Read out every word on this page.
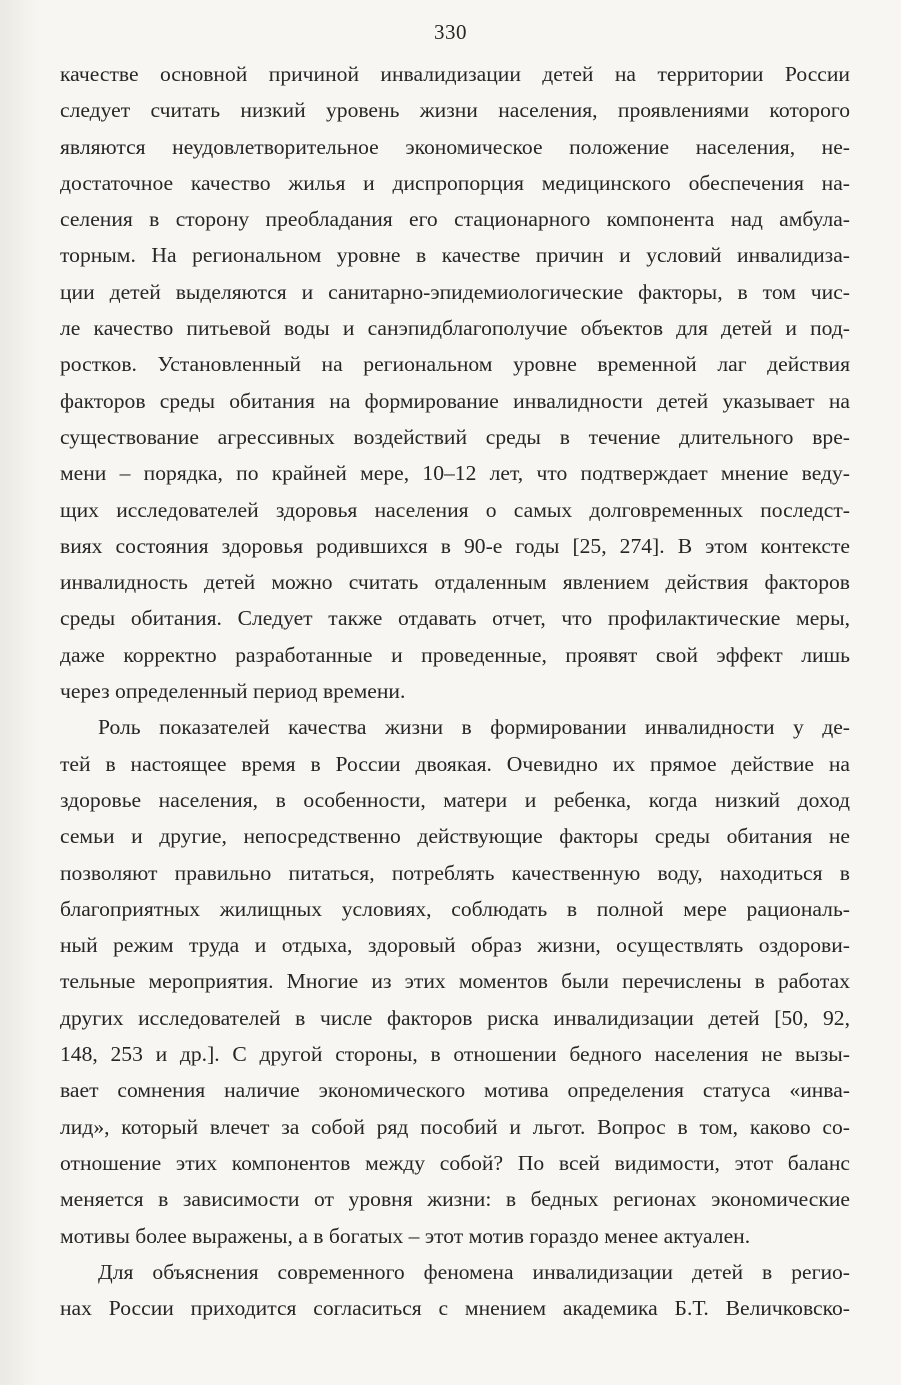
330

качестве основной причиной инвалидизации детей на территории России
следует считать низкий уровень жизни населения, проявлениями которого
являются неудовлетворительное экономическое положение населения, не-
достаточное качество жилья и диспропорция медицинского обеспечения на-
селения в сторону преобладания его стационарного компонента над амбула-
торным. На региональном уровне в качестве причин и условий инвалидиза-
ции детей выделяются и санитарно-эпидемиологические факторы, в том чис-
ле качество питьевой воды и санэпидблагополучие объектов для детей и под-
ростков. Установленный на региональном уровне временной лаг действия
факторов среды обитания на формирование инвалидности детей указывает на
существование агрессивных воздействий среды в течение длительного вре-
мени – порядка, по крайней мере, 10–12 лет, что подтверждает мнение веду-
щих исследователей здоровья населения о самых долговременных последст-
виях состояния здоровья родившихся в 90-е годы [25, 274]. В этом контексте
инвалидность детей можно считать отдаленным явлением действия факторов
среды обитания. Следует также отдавать отчет, что профилактические меры,
даже корректно разработанные и проведенные, проявят свой эффект лишь
через определенный период времени.

Роль показателей качества жизни в формировании инвалидности у де-
тей в настоящее время в России двоякая. Очевидно их прямое действие на
здоровье населения, в особенности, матери и ребенка, когда низкий доход
семьи и другие, непосредственно действующие факторы среды обитания не
позволяют правильно питаться, потреблять качественную воду, находиться в
благоприятных жилищных условиях, соблюдать в полной мере рациональ-
ный режим труда и отдыха, здоровый образ жизни, осуществлять оздорови-
тельные мероприятия. Многие из этих моментов были перечислены в работах
других исследователей в числе факторов риска инвалидизации детей [50, 92,
148, 253 и др.]. С другой стороны, в отношении бедного населения не вызы-
вает сомнения наличие экономического мотива определения статуса «инва-
лид», который влечет за собой ряд пособий и льгот. Вопрос в том, каково со-
отношение этих компонентов между собой? По всей видимости, этот баланс
меняется в зависимости от уровня жизни: в бедных регионах экономические
мотивы более выражены, а в богатых – этот мотив гораздо менее актуален.

Для объяснения современного феномена инвалидизации детей в регио-
нах России приходится согласиться с мнением академика Б.Т. Величковско-
